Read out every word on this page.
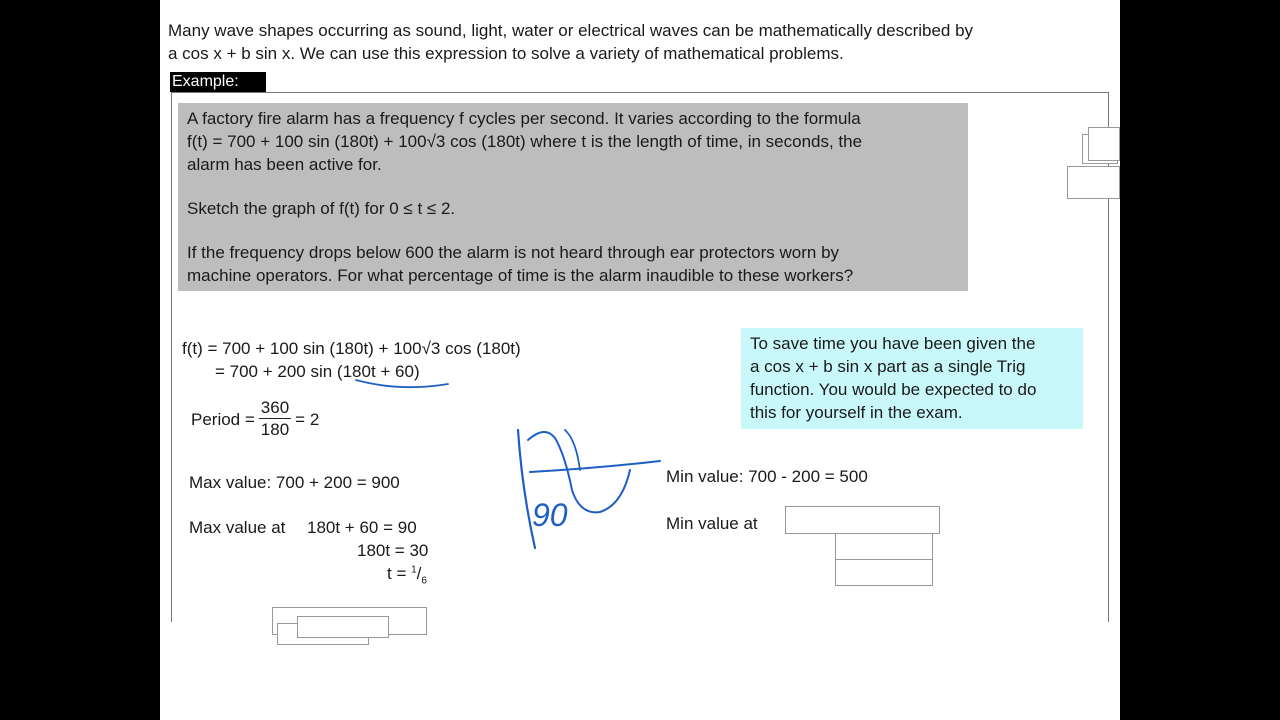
Many wave shapes occurring as sound, light, water or electrical waves can be mathematically described by
a cos x + b sin x. We can use this expression to solve a variety of mathematical problems.
Example:

A factory fire alarm has a frequency f cycles per second. It varies according to the formula

f(t) = 700 + 100 sin (180t) + 100√3 cos (180t) where t is the length of time, in seconds, the

alarm has been active for.

Sketch the graph of f(t) for 0 ≤ t ≤ 2.

If the frequency drops below 600 the alarm is not heard through ear protectors worn by

machine operators. For what percentage of time is the alarm inaudible to these workers?

f(t) = 700 + 100 sin (180t) + 100√3 cos (180t)
= 700 + 200 sin (180t + 60)
Period = $\frac{360}{180} = 2$
Max value: 700 + 200 = 900
Max value at 180t + 60 = 90
180t = 30
$t = ^1/_6$
Min value: 700 - 200 = 500
Min value at
To save time you have been given the
a cos x + b sin x part as a single Trig
function. You would be expected to do
this for yourself in the exam.
90
